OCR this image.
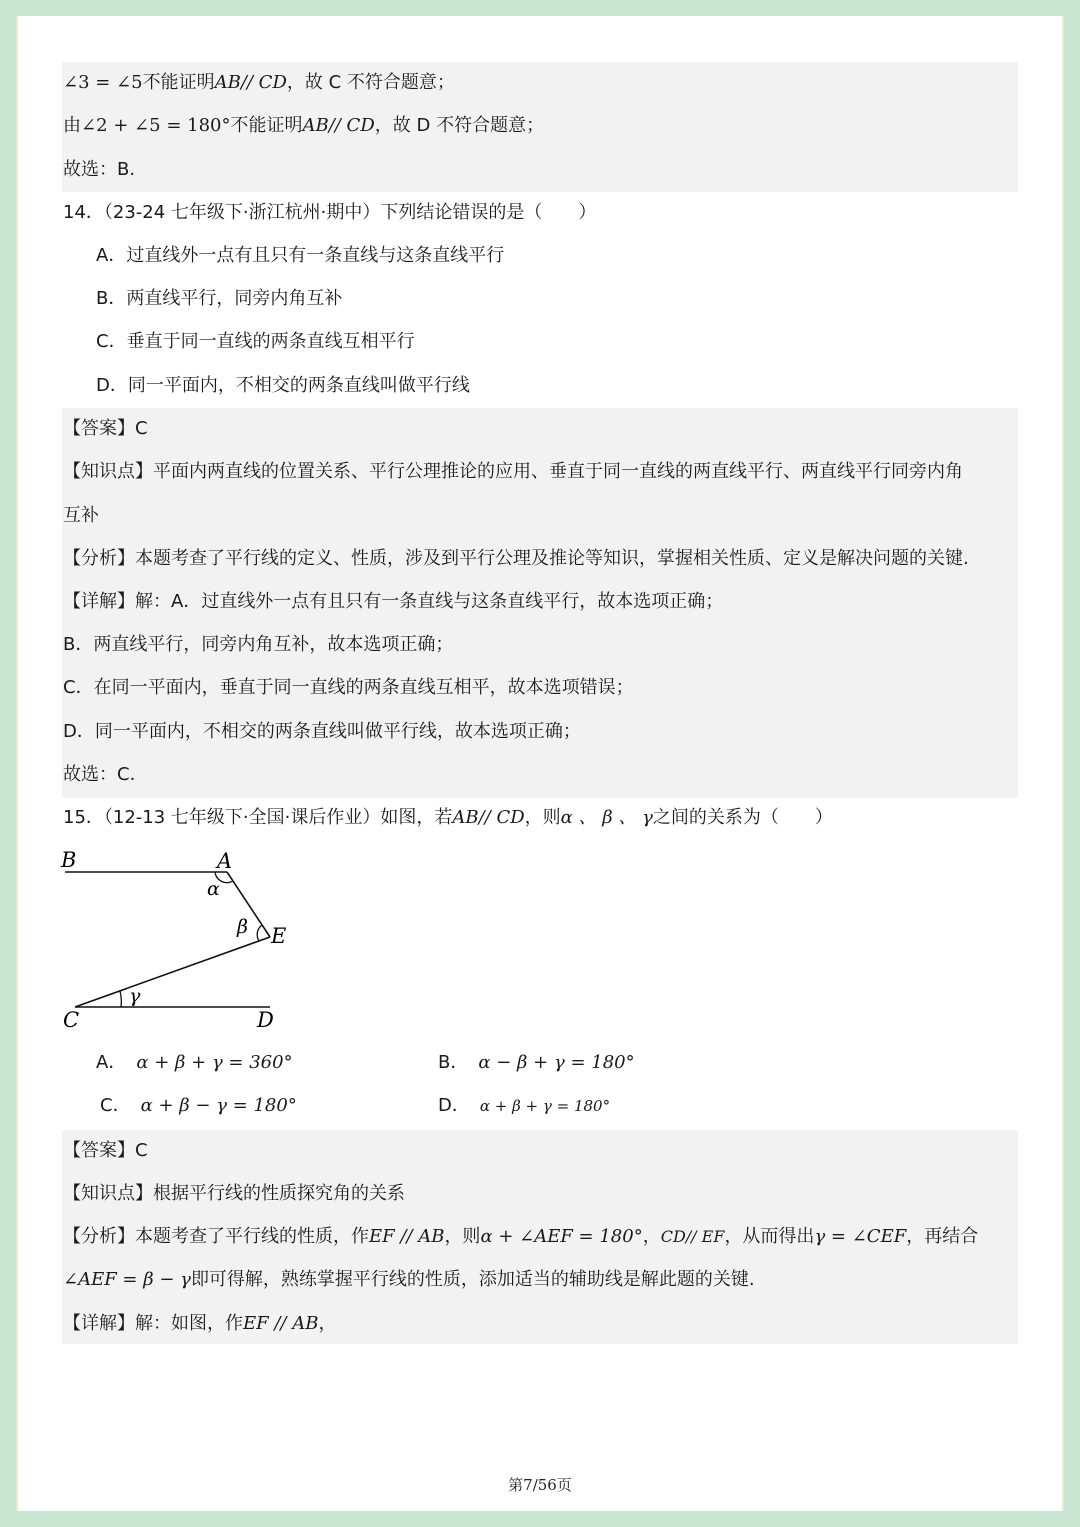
∠3 = ∠5不能证明AB// CD，故 C 不符合题意；
由∠2 + ∠5 = 180°不能证明AB// CD，故 D 不符合题意；
故选：B.
14．（23-24 七年级下·浙江杭州·期中）下列结论错误的是（　　）
A．过直线外一点有且只有一条直线与这条直线平行
B．两直线平行，同旁内角互补
C．垂直于同一直线的两条直线互相平行
D．同一平面内，不相交的两条直线叫做平行线
【答案】C
【知识点】平面内两直线的位置关系、平行公理推论的应用、垂直于同一直线的两直线平行、两直线平行同旁内角
互补
【分析】本题考查了平行线的定义、性质，涉及到平行公理及推论等知识，掌握相关性质、定义是解决问题的关键.
【详解】解：A．过直线外一点有且只有一条直线与这条直线平行，故本选项正确；
B．两直线平行，同旁内角互补，故本选项正确；
C．在同一平面内，垂直于同一直线的两条直线互相平，故本选项错误；
D．同一平面内，不相交的两条直线叫做平行线，故本选项正确；
故选：C.
15．（12-13 七年级下·全国·课后作业）如图，若AB// CD，则α 、 β 、 γ之间的关系为（　　）
B	A
α
β E
γ
C	D
A． α + β + γ = 360°	B． α − β + γ = 180°
C． α + β − γ = 180°	D． α + β + γ = 180°
【答案】C
【知识点】根据平行线的性质探究角的关系
【分析】本题考查了平行线的性质，作EF // AB，则α + ∠AEF = 180°，CD// EF，从而得出γ = ∠CEF，再结合
∠AEF = β − γ即可得解，熟练掌握平行线的性质，添加适当的辅助线是解此题的关键.
【详解】解：如图，作EF // AB，
第7/56页
